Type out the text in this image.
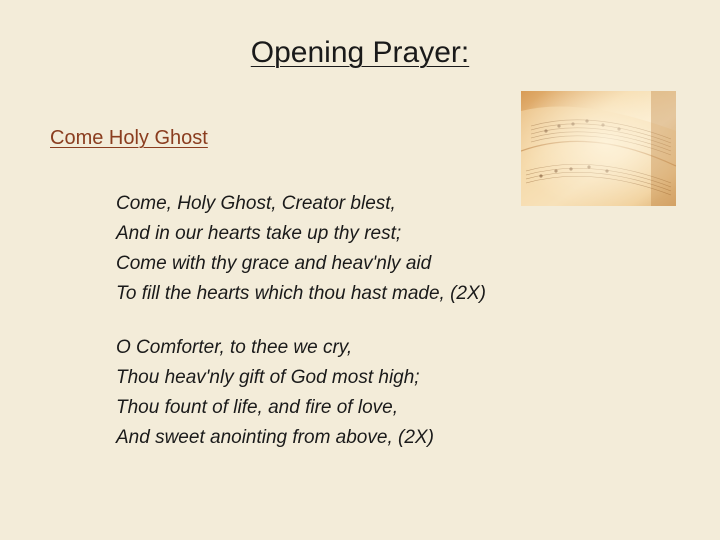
Opening Prayer:
Come Holy Ghost
Come, Holy Ghost, Creator blest,
And in our hearts take up thy rest;
Come with thy grace and heav'nly aid
To fill the hearts which thou hast made, (2X)
O Comforter, to thee we cry,
Thou heav'nly gift of God most high;
Thou fount of life, and fire of love,
And sweet anointing from above, (2X)
